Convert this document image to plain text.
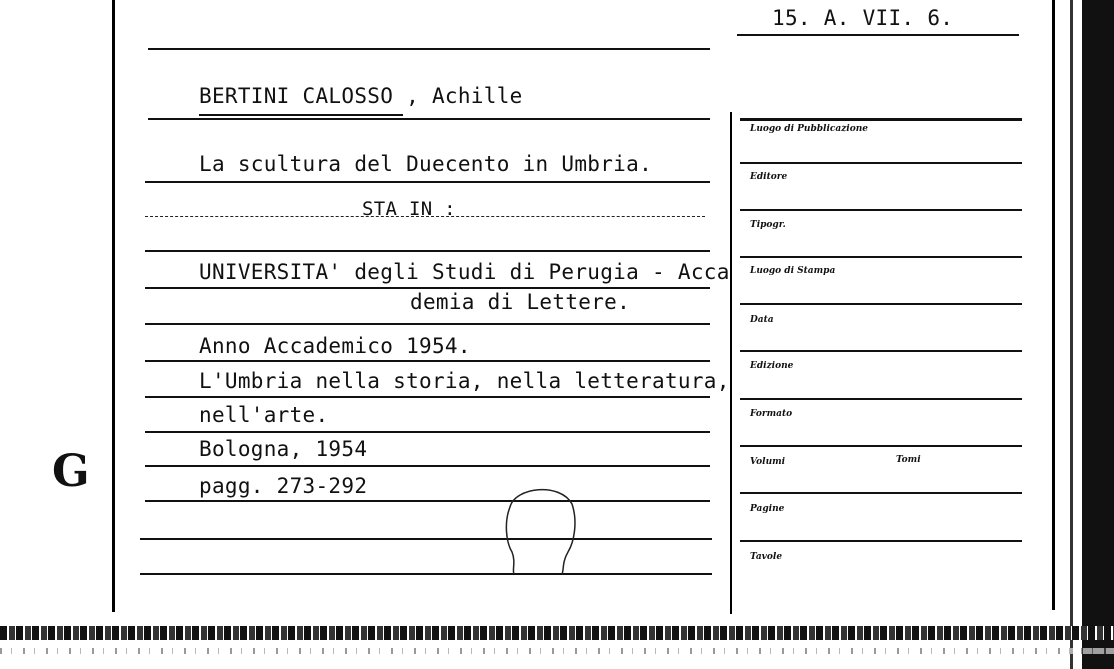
15. A. VII. 6.
BERTINI CALOSSO , Achille
La scultura del Duecento in Umbria.
STA IN :
UNIVERSITA' degli Studi di Perugia - Acca
demia di Lettere.
Anno Accademico 1954.
L'Umbria nella storia, nella letteratura,
nell'arte.
Bologna, 1954
pagg. 273-292
G
Luogo di Pubblicazione
Editore
Tipogr.
Luogo di Stampa
Data
Edizione
Formato
Volumi	Tomi
Pagine
Tavole
